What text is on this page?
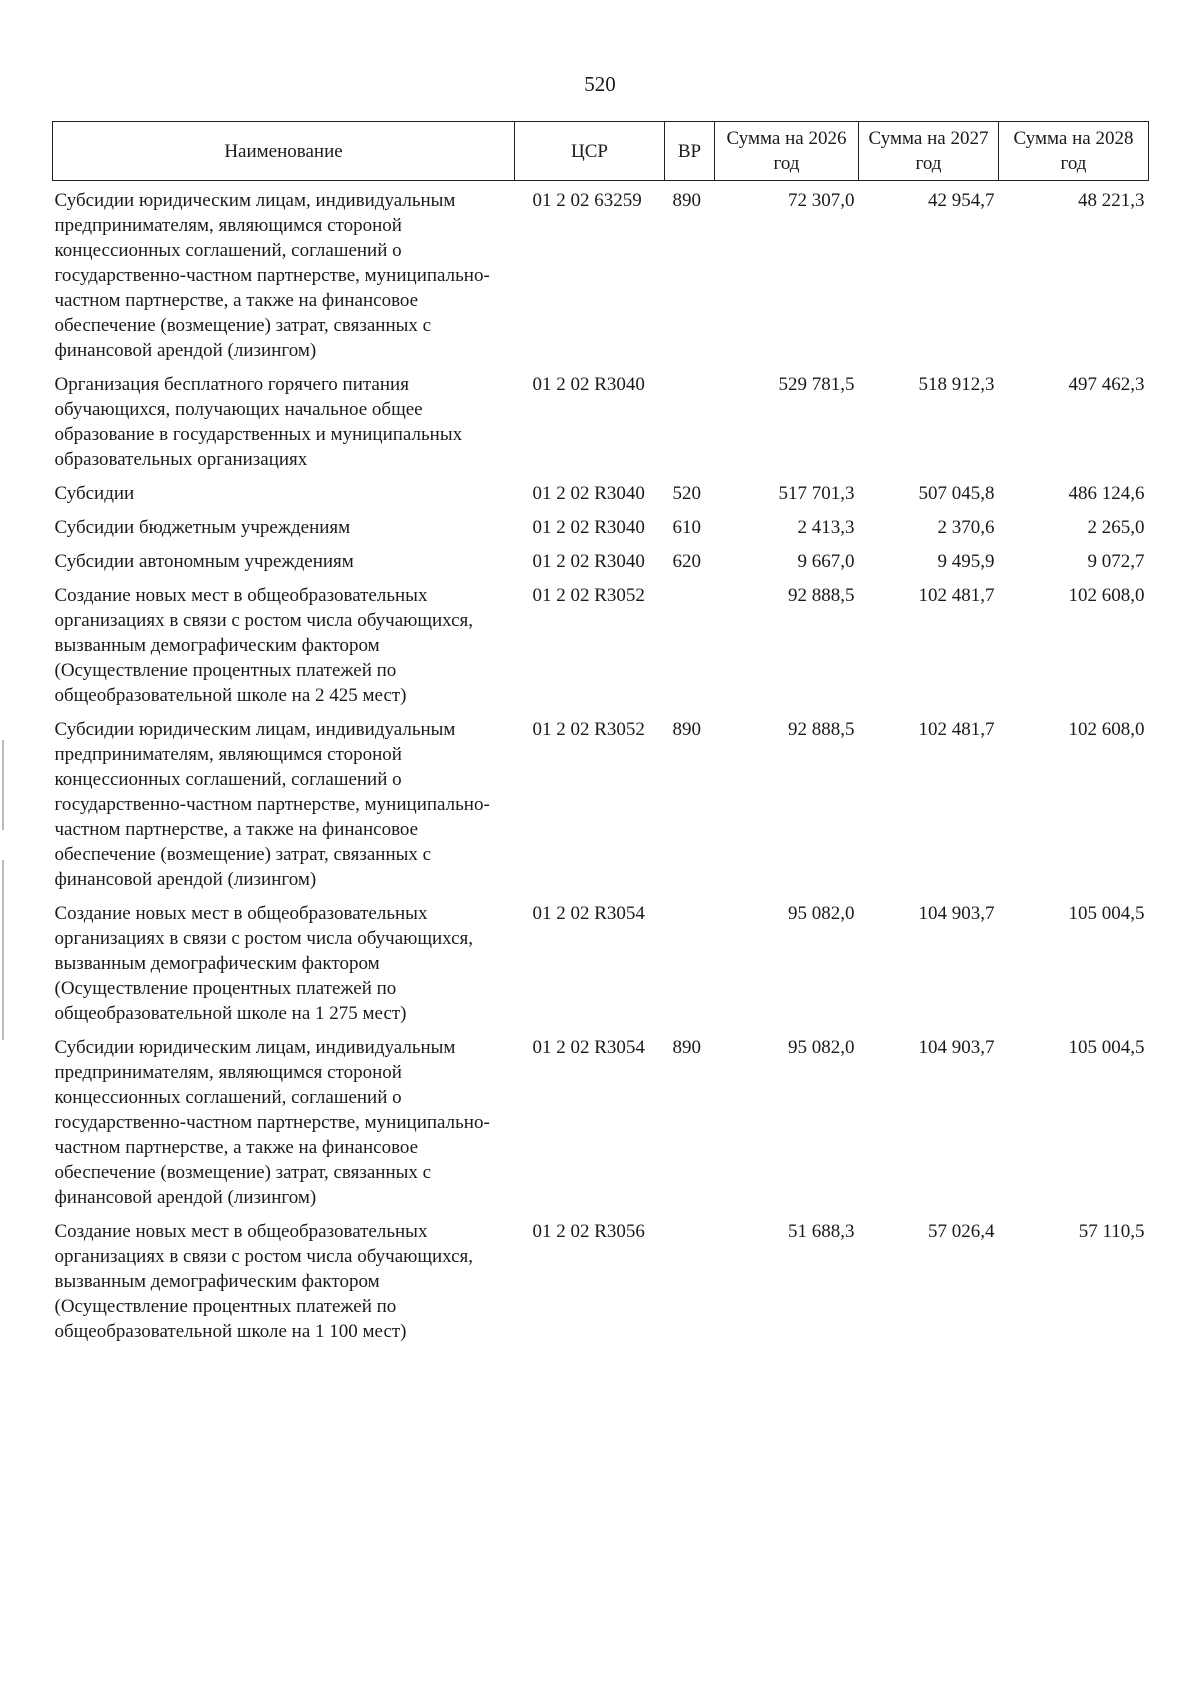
520
Наименование	ЦСР	ВР	Сумма на 2026 год	Сумма на 2027 год	Сумма на 2028 год
Субсидии юридическим лицам, индивидуальным предпринимателям, являющимся стороной концессионных соглашений, соглашений о государственно-частном партнерстве, муниципально-частном партнерстве, а также на финансовое обеспечение (возмещение) затрат, связанных с финансовой арендой (лизингом)	01 2 02 63259	890	72 307,0	42 954,7	48 221,3
Организация бесплатного горячего питания обучающихся, получающих начальное общее образование в государственных и муниципальных образовательных организациях	01 2 02 R3040		529 781,5	518 912,3	497 462,3
Субсидии	01 2 02 R3040	520	517 701,3	507 045,8	486 124,6
Субсидии бюджетным учреждениям	01 2 02 R3040	610	2 413,3	2 370,6	2 265,0
Субсидии автономным учреждениям	01 2 02 R3040	620	9 667,0	9 495,9	9 072,7
Создание новых мест в общеобразовательных организациях в связи с ростом числа обучающихся, вызванным демографическим фактором (Осуществление процентных платежей по общеобразовательной школе на 2 425 мест)	01 2 02 R3052		92 888,5	102 481,7	102 608,0
Субсидии юридическим лицам, индивидуальным предпринимателям, являющимся стороной концессионных соглашений, соглашений о государственно-частном партнерстве, муниципально-частном партнерстве, а также на финансовое обеспечение (возмещение) затрат, связанных с финансовой арендой (лизингом)	01 2 02 R3052	890	92 888,5	102 481,7	102 608,0
Создание новых мест в общеобразовательных организациях в связи с ростом числа обучающихся, вызванным демографическим фактором (Осуществление процентных платежей по общеобразовательной школе на 1 275 мест)	01 2 02 R3054		95 082,0	104 903,7	105 004,5
Субсидии юридическим лицам, индивидуальным предпринимателям, являющимся стороной концессионных соглашений, соглашений о государственно-частном партнерстве, муниципально-частном партнерстве, а также на финансовое обеспечение (возмещение) затрат, связанных с финансовой арендой (лизингом)	01 2 02 R3054	890	95 082,0	104 903,7	105 004,5
Создание новых мест в общеобразовательных организациях в связи с ростом числа обучающихся, вызванным демографическим фактором (Осуществление процентных платежей по общеобразовательной школе на 1 100 мест)	01 2 02 R3056		51 688,3	57 026,4	57 110,5
